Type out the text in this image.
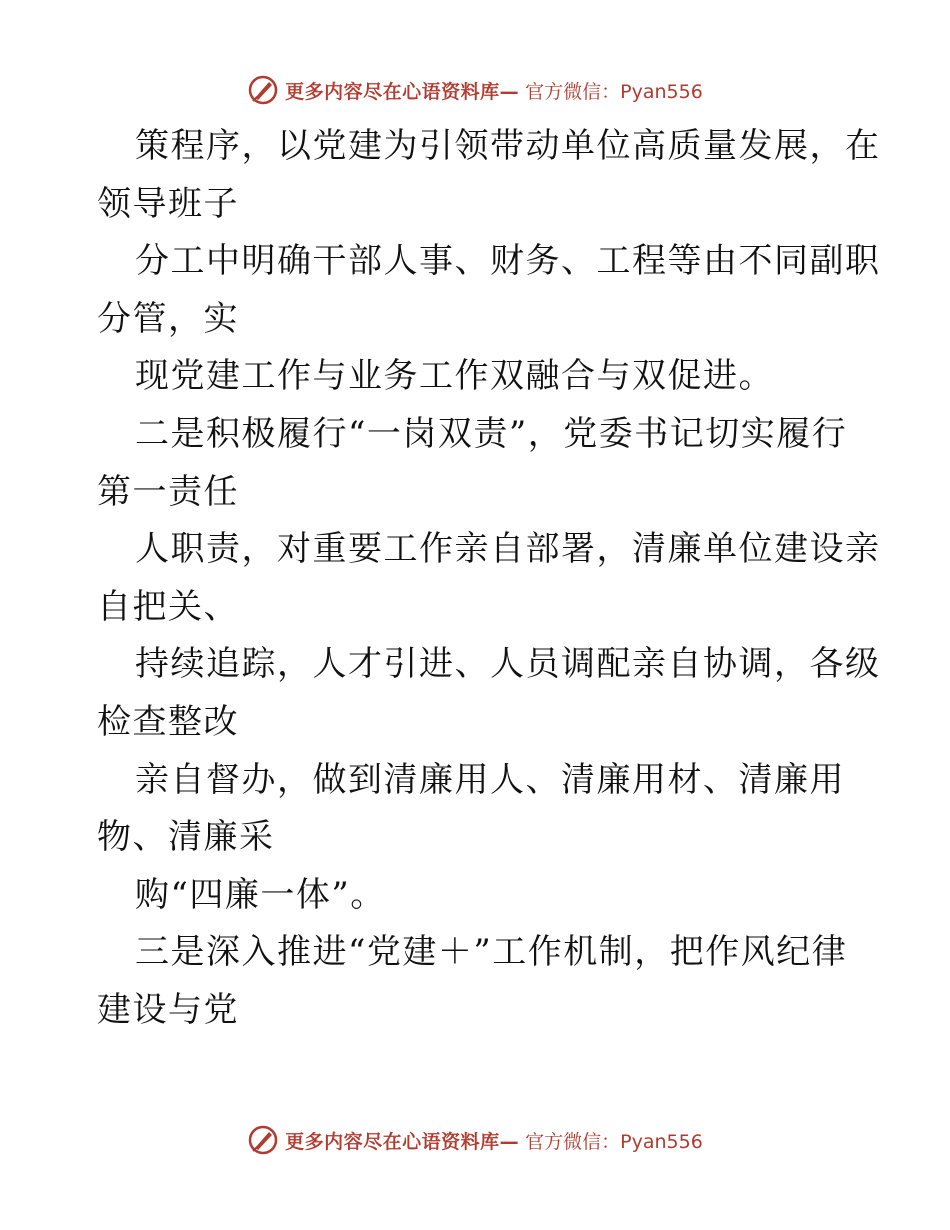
更多内容尽在心语资料库— 官方微信：Pyan556
策程序，以党建为引领带动单位高质量发展，在
领导班子
分工中明确干部人事、财务、工程等由不同副职
分管，实
现党建工作与业务工作双融合与双促进。
二是积极履行“一岗双责”，党委书记切实履行
第一责任
人职责，对重要工作亲自部署，清廉单位建设亲
自把关、
持续追踪，人才引进、人员调配亲自协调，各级
检查整改
亲自督办，做到清廉用人、清廉用材、清廉用
物、清廉采
购“四廉一体”。
三是深入推进“党建＋”工作机制，把作风纪律
建设与党
更多内容尽在心语资料库— 官方微信：Pyan556
